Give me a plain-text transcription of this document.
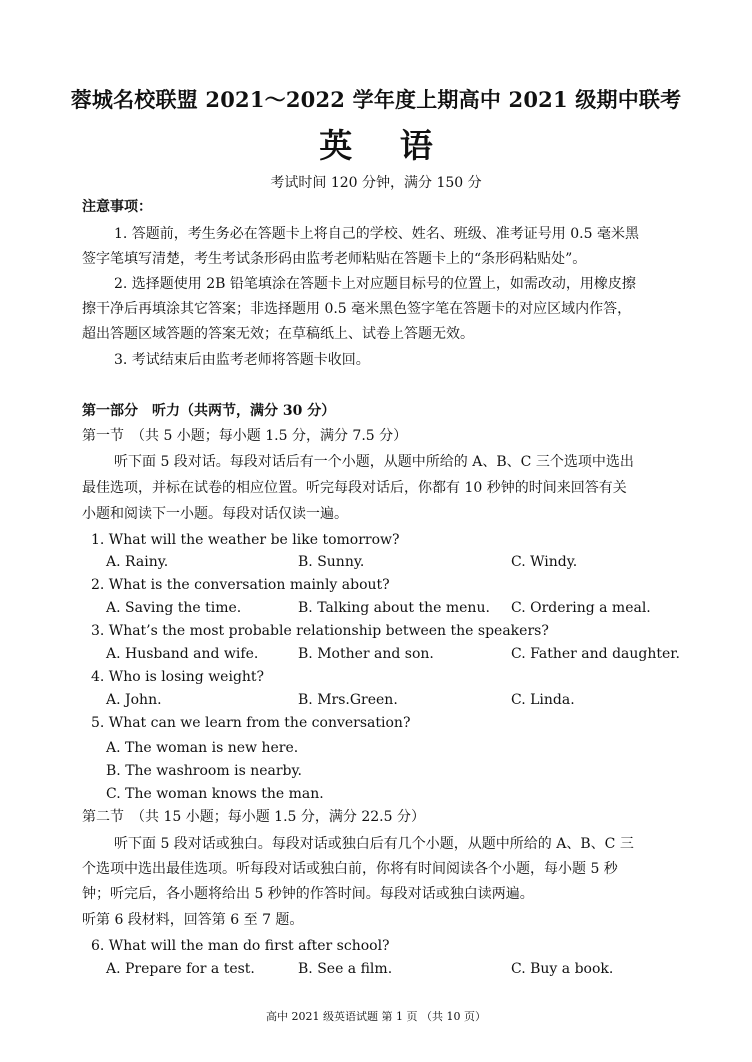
蓉城名校联盟 2021～2022 学年度上期高中 2021 级期中联考
英 语
考试时间 120 分钟，满分 150 分
注意事项：
1. 答题前，考生务必在答题卡上将自己的学校、姓名、班级、准考证号用 0.5 毫米黑
签字笔填写清楚，考生考试条形码由监考老师粘贴在答题卡上的“条形码粘贴处”。
2. 选择题使用 2B 铅笔填涂在答题卡上对应题目标号的位置上，如需改动，用橡皮擦
擦干净后再填涂其它答案；非选择题用 0.5 毫米黑色签字笔在答题卡的对应区域内作答，
超出答题区域答题的答案无效；在草稿纸上、试卷上答题无效。
3. 考试结束后由监考老师将答题卡收回。
第一部分　听力（共两节，满分 30 分）
第一节　（共 5 小题；每小题 1.5 分，满分 7.5 分）
听下面 5 段对话。每段对话后有一个小题，从题中所给的 A、B、C 三个选项中选出
最佳选项，并标在试卷的相应位置。听完每段对话后，你都有 10 秒钟的时间来回答有关
小题和阅读下一小题。每段对话仅读一遍。
1. What will the weather be like tomorrow?
A. Rainy.	B. Sunny.	C. Windy.
2. What is the conversation mainly about?
A. Saving the time.	B. Talking about the menu. C. Ordering a meal.
3. What’s the most probable relationship between the speakers?
A. Husband and wife.	B. Mother and son.	C. Father and daughter.
4. Who is losing weight?
A. John.	B. Mrs.Green.	C. Linda.
5. What can we learn from the conversation?
A. The woman is new here.
B. The washroom is nearby.
C. The woman knows the man.
第二节　（共 15 小题；每小题 1.5 分，满分 22.5 分）
听下面 5 段对话或独白。每段对话或独白后有几个小题，从题中所给的 A、B、C 三
个选项中选出最佳选项。听每段对话或独白前，你将有时间阅读各个小题，每小题 5 秒
钟；听完后，各小题将给出 5 秒钟的作答时间。每段对话或独白读两遍。
听第 6 段材料，回答第 6 至 7 题。
6. What will the man do first after school?
A. Prepare for a test.	B. See a film.	C. Buy a book.
高中 2021 级英语试题 第 1 页 （共 10 页）
